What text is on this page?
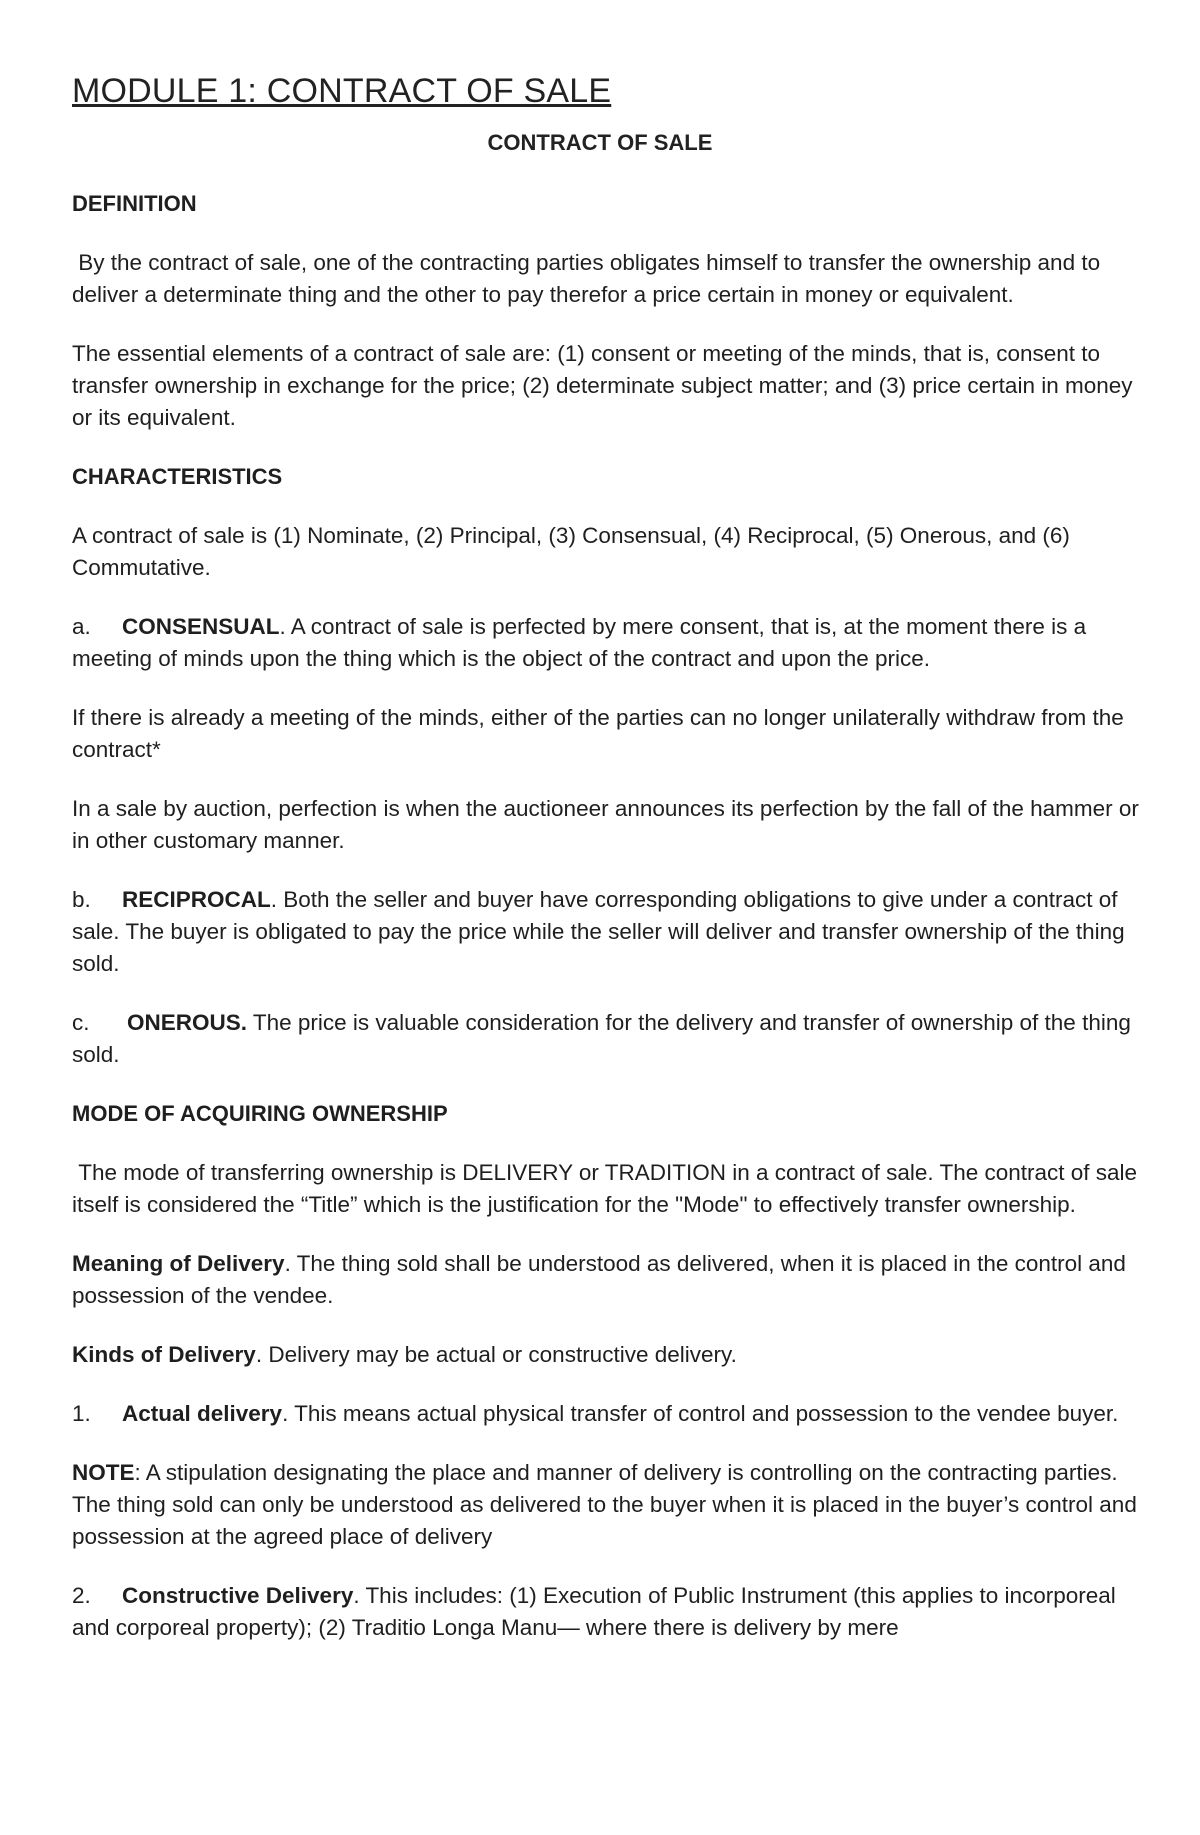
MODULE 1: CONTRACT OF SALE
CONTRACT OF SALE
DEFINITION
By the contract of sale, one of the contracting parties obligates himself to transfer the ownership and to deliver a determinate thing and the other to pay therefor a price certain in money or equivalent.
The essential elements of a contract of sale are: (1) consent or meeting of the minds, that is, consent to transfer ownership in exchange for the price; (2) determinate subject matter; and (3) price certain in money or its equivalent.
CHARACTERISTICS
A contract of sale is (1) Nominate, (2) Principal, (3) Consensual, (4) Reciprocal, (5) Onerous, and (6) Commutative.
a. CONSENSUAL. A contract of sale is perfected by mere consent, that is, at the moment there is a meeting of minds upon the thing which is the object of the contract and upon the price.
If there is already a meeting of the minds, either of the parties can no longer unilaterally withdraw from the contract*
In a sale by auction, perfection is when the auctioneer announces its perfection by the fall of the hammer or in other customary manner.
b. RECIPROCAL. Both the seller and buyer have corresponding obligations to give under a contract of sale. The buyer is obligated to pay the price while the seller will deliver and transfer ownership of the thing sold.
c. ONEROUS. The price is valuable consideration for the delivery and transfer of ownership of the thing sold.
MODE OF ACQUIRING OWNERSHIP
The mode of transferring ownership is DELIVERY or TRADITION in a contract of sale. The contract of sale itself is considered the “Title” which is the justification for the "Mode" to effectively transfer ownership.
Meaning of Delivery. The thing sold shall be understood as delivered, when it is placed in the control and possession of the vendee.
Kinds of Delivery. Delivery may be actual or constructive delivery.
1. Actual delivery. This means actual physical transfer of control and possession to the vendee buyer.
NOTE: A stipulation designating the place and manner of delivery is controlling on the contracting parties. The thing sold can only be understood as delivered to the buyer when it is placed in the buyer’s control and possession at the agreed place of delivery
2. Constructive Delivery. This includes: (1) Execution of Public Instrument (this applies to incorporeal and corporeal property); (2) Traditio Longa Manu— where there is delivery by mere
